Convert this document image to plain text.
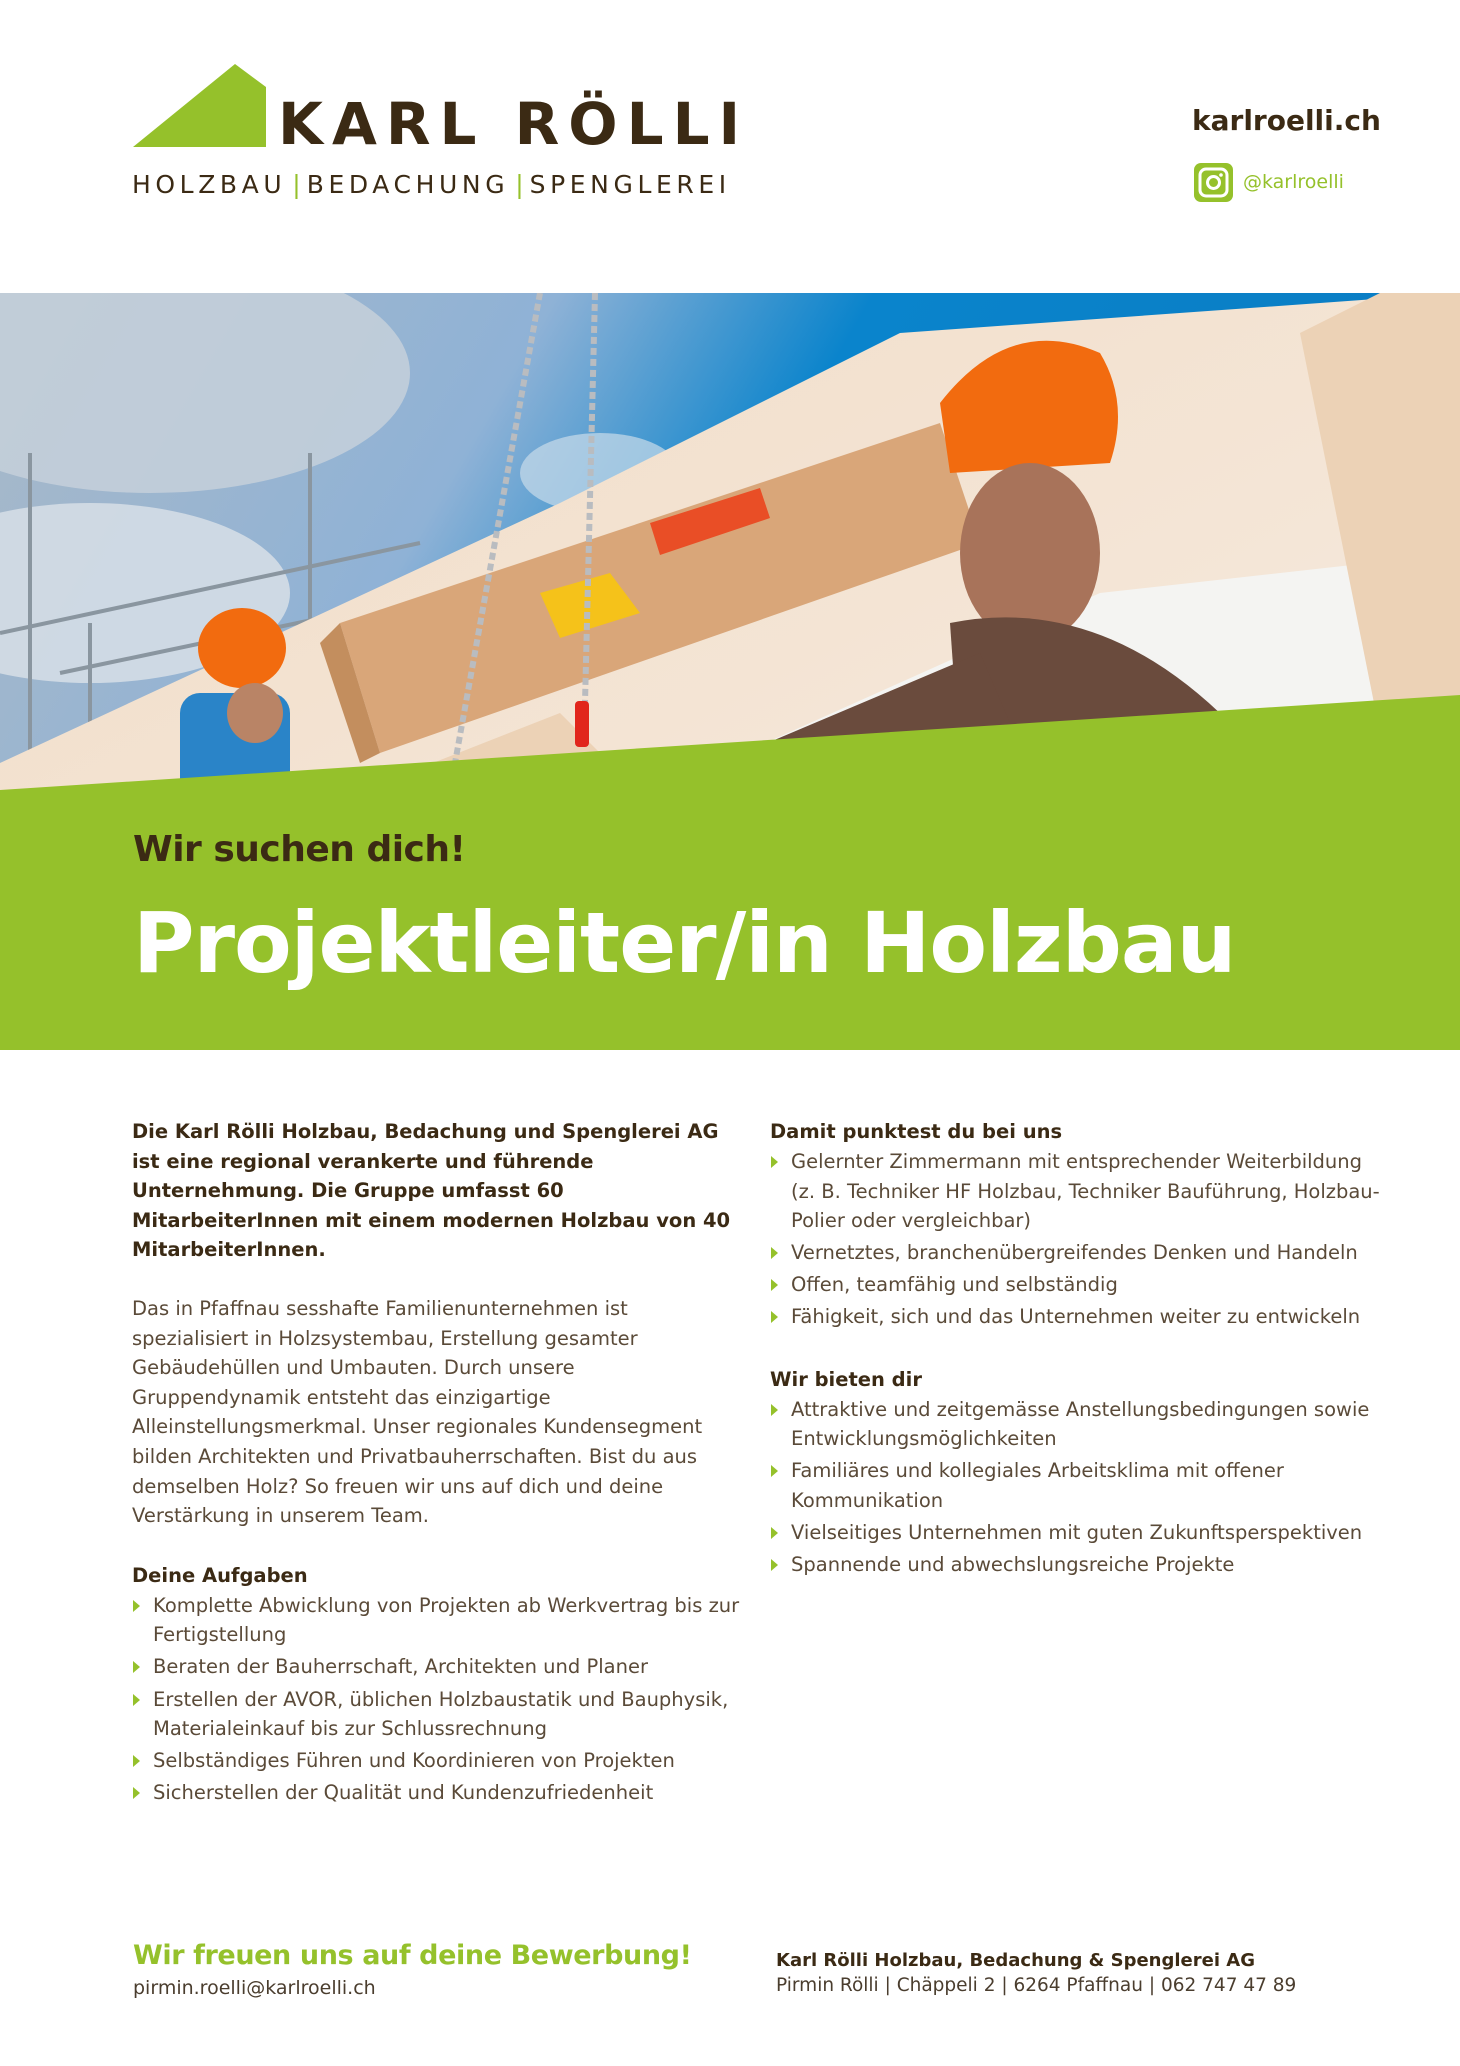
KARL RÖLLI
HOLZBAU | BEDACHUNG | SPENGLEREI
karlroelli.ch
@karlroelli
Wir suchen dich!
Projektleiter/in Holzbau

Die Karl Rölli Holzbau, Bedachung und Spenglerei AG ist eine regional verankerte und führende Unternehmung. Die Gruppe umfasst 60 MitarbeiterInnen mit einem modernen Holzbau von 40 MitarbeiterInnen.

Das in Pfaffnau sesshafte Familienunternehmen ist spezialisiert in Holzsystembau, Erstellung gesamter Gebäudehüllen und Umbauten. Durch unsere Gruppendynamik entsteht das einzigartige Alleinstellungsmerkmal. Unser regionales Kundensegment bilden Architekten und Privatbauherrschaften. Bist du aus demselben Holz? So freuen wir uns auf dich und deine Verstärkung in unserem Team.

Deine Aufgaben
Komplette Abwicklung von Projekten ab Werkvertrag bis zur Fertigstellung
Beraten der Bauherrschaft, Architekten und Planer
Erstellen der AVOR, üblichen Holzbaustatik und Bauphysik, Materialeinkauf bis zur Schlussrechnung
Selbständiges Führen und Koordinieren von Projekten
Sicherstellen der Qualität und Kundenzufriedenheit
Damit punktest du bei uns
Gelernter Zimmermann mit entsprechender Weiterbildung (z. B. Techniker HF Holzbau, Techniker Bauführung, Holzbau-Polier oder vergleichbar)
Vernetztes, branchenübergreifendes Denken und Handeln
Offen, teamfähig und selbständig
Fähigkeit, sich und das Unternehmen weiter zu entwickeln
Wir bieten dir
Attraktive und zeitgemässe Anstellungsbedingungen sowie Entwicklungsmöglichkeiten
Familiäres und kollegiales Arbeitsklima mit offener Kommunikation
Vielseitiges Unternehmen mit guten Zukunftsperspektiven
Spannende und abwechslungsreiche Projekte
Wir freuen uns auf deine Bewerbung!
pirmin.roelli@karlroelli.ch
Karl Rölli Holzbau, Bedachung & Spenglerei AG
Pirmin Rölli | Chäppeli 2 | 6264 Pfaffnau | 062 747 47 89
